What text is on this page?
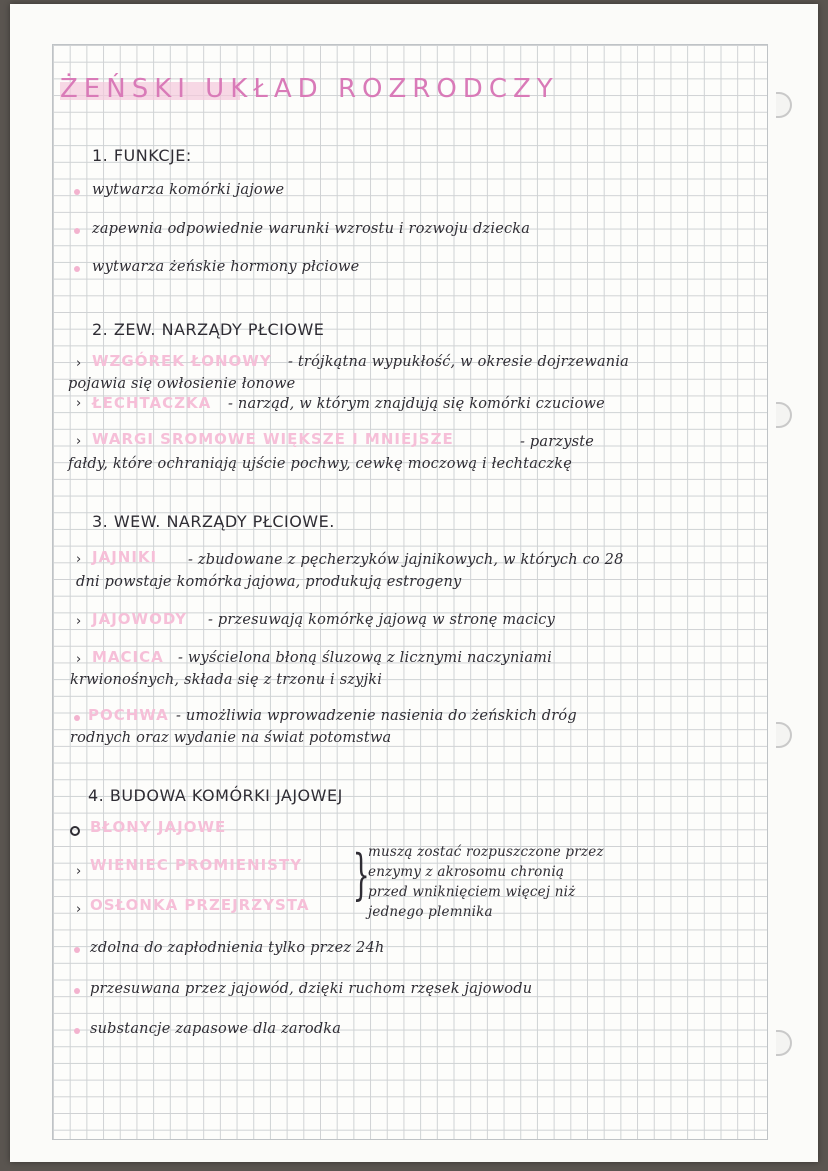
ŻEŃSKI UKŁAD ROZRODCZY

1. FUNKCJE:

wytwarza komórki jajowe

zapewnia odpowiednie warunki wzrostu i rozwoju dziecka

wytwarza żeńskie hormony płciowe

2. ZEW. NARZĄDY PŁCIOWE

› WZGÓREK ŁONOWY - trójkątna wypukłość, w okresie dojrzewania

pojawia się owłosienie łonowe

› ŁECHTACZKA - narząd, w którym znajdują się komórki czuciowe

› WARGI SROMOWE WIĘKSZE I MNIEJSZE	- parzyste

fałdy, które ochraniają ujście pochwy, cewkę moczową i łechtaczkę

3. WEW. NARZĄDY PŁCIOWE.

› JAJNIKI - zbudowane z pęcherzyków jajnikowych, w których co 28

dni powstaje komórka jajowa, produkują estrogeny

› JAJOWODY - przesuwają komórkę jajową w stronę macicy

› MACICA - wyścielona błoną śluzową z licznymi naczyniami

krwionośnych, składa się z trzonu i szyjki

POCHWA - umożliwia wprowadzenie nasienia do żeńskich dróg

rodnych oraz wydanie na świat potomstwa

4. BUDOWA KOMÓRKI JAJOWEJ

BŁONY JAJOWE

› WIENIEC PROMIENISTY

› OSŁONKA PRZEJRZYSTA }

muszą zostać rozpuszczone przez

enzymy z akrosomu chronią

przed wniknięciem więcej niż

jednego plemnika

zdolna do zapłodnienia tylko przez 24h

przesuwana przez jajowód, dzięki ruchom rzęsek jajowodu

substancje zapasowe dla zarodka
